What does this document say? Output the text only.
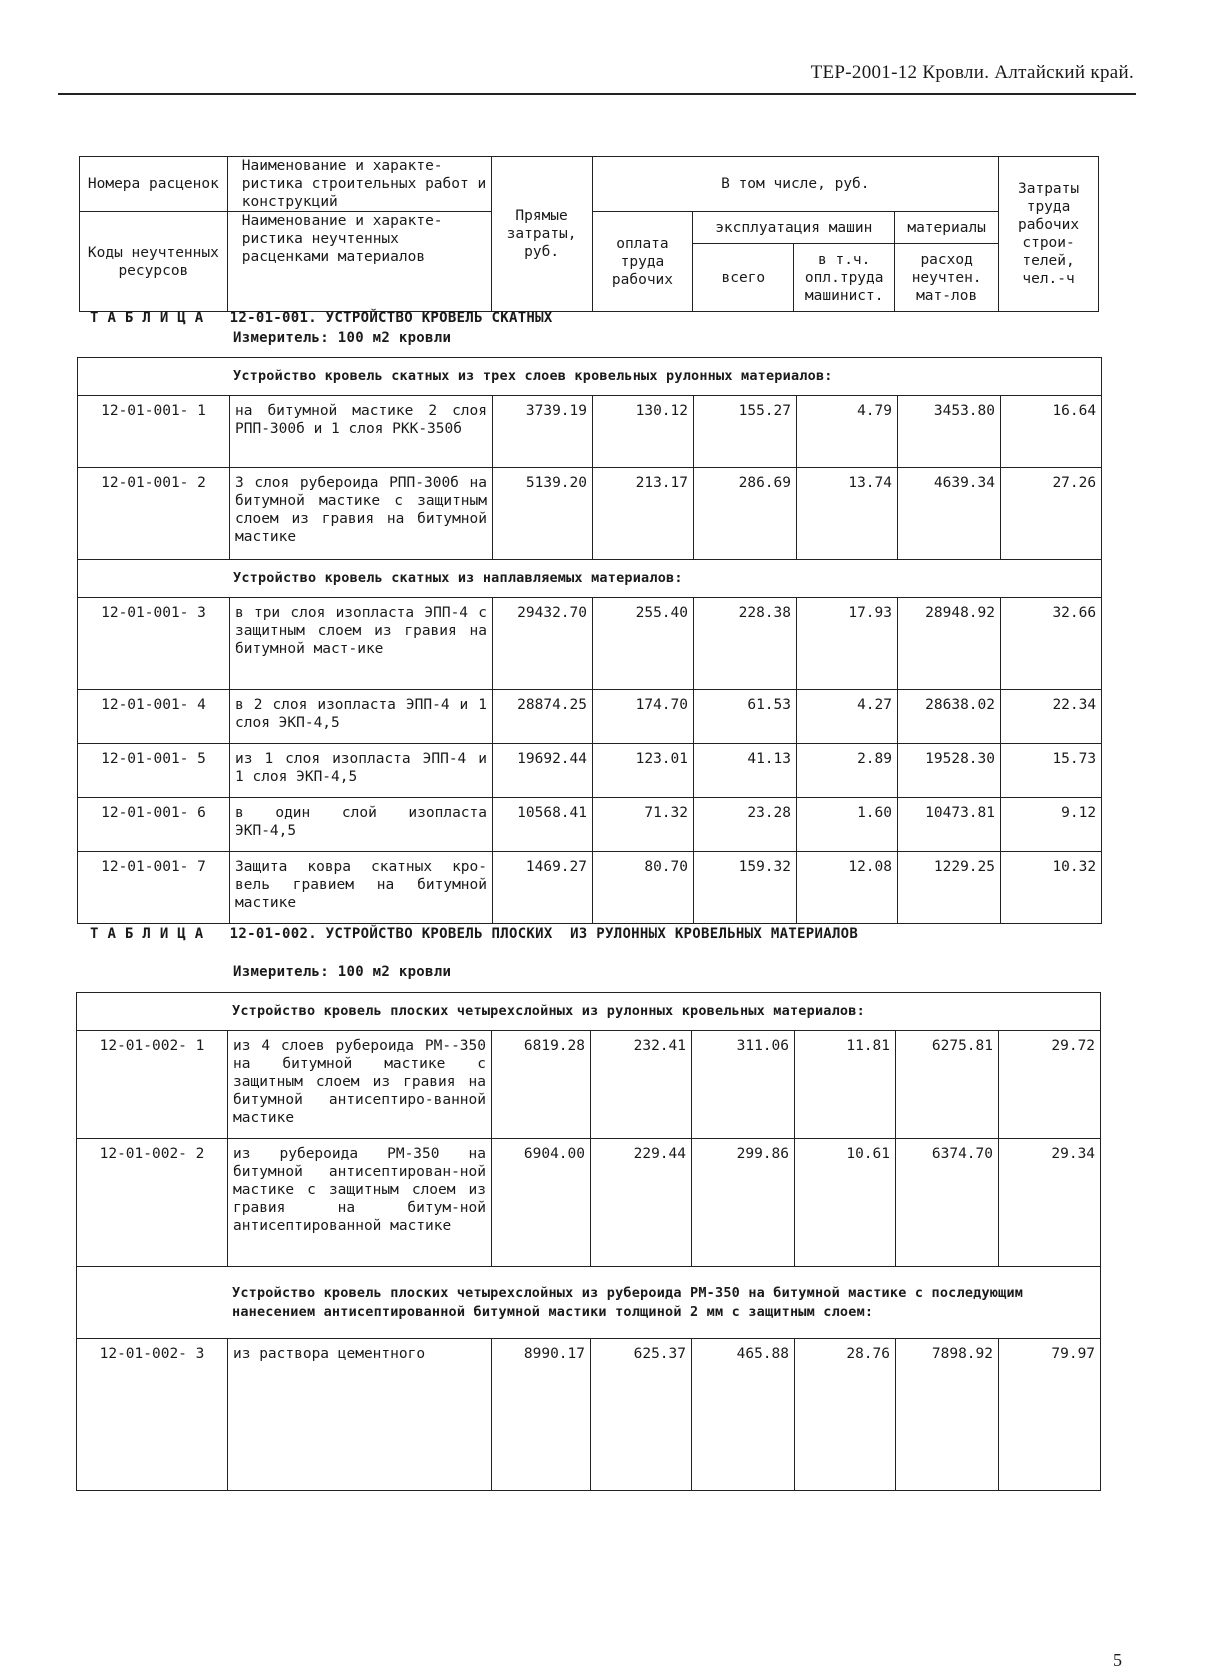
ТЕР-2001-12 Кровли. Алтайский край.
Номера расценок	Наименование и характе-ристика строительных работ и конструкций	Прямые затраты, руб.	В том числе, руб.				Затраты труда рабочих строи-телей, чел.-ч
Коды неучтенных ресурсов	Наименование и характе-ристика неучтенных расценками материалов		оплата труда рабочих	эксплуатация машин		материалы	
				всего	в т.ч. опл.труда машинист.	расход неучтен. мат-лов	
Т А Б Л И Ц А   12-01-001. УСТРОЙСТВО КРОВЕЛЬ СКАТНЫХ
Измеритель: 100 м2 кровли
Устройство кровель скатных из трех слоев кровельных рулонных материалов:							
12-01-001- 1	на битумной мастике 2 слоя РПП-300б и 1 слоя РКК-350б	3739.19	130.12	155.27	4.79	3453.80	16.64
12-01-001- 2	3 слоя рубероида РПП-300б на битумной мастике с защитным слоем из гравия на битумной мастике	5139.20	213.17	286.69	13.74	4639.34	27.26
Устройство кровель скатных из наплавляемых материалов:							
12-01-001- 3	в три слоя изопласта ЭПП-4 с защитным слоем из гравия на битумной маст-ике	29432.70	255.40	228.38	17.93	28948.92	32.66
12-01-001- 4	в 2 слоя изопласта ЭПП-4 и 1 слоя ЭКП-4,5	28874.25	174.70	61.53	4.27	28638.02	22.34
12-01-001- 5	из 1 слоя изопласта ЭПП-4 и 1 слоя ЭКП-4,5	19692.44	123.01	41.13	2.89	19528.30	15.73
12-01-001- 6	в один слой изопласта ЭКП-4,5	10568.41	71.32	23.28	1.60	10473.81	9.12
12-01-001- 7	Защита ковра скатных кро-вель гравием на битумной мастике	1469.27	80.70	159.32	12.08	1229.25	10.32
Т А Б Л И Ц А   12-01-002. УСТРОЙСТВО КРОВЕЛЬ ПЛОСКИХ  ИЗ РУЛОННЫХ КРОВЕЛЬНЫХ МАТЕРИАЛОВ
Измеритель: 100 м2 кровли
Устройство кровель плоских четырехслойных из рулонных кровельных материалов:							
12-01-002- 1	из 4 слоев рубероида РМ--350 на битумной мастике с защитным слоем из гравия на битумной антисептиро-ванной мастике	6819.28	232.41	311.06	11.81	6275.81	29.72
12-01-002- 2	из рубероида РМ-350 на битумной антисептирован-ной мастике с защитным слоем из гравия на битум-ной антисептированной мастике	6904.00	229.44	299.86	10.61	6374.70	29.34
Устройство кровель плоских четырехслойных из рубероида РМ-350 на битумной мастике с последующим нанесением антисептированной битумной мастики толщиной 2 мм с защитным слоем:							
12-01-002- 3	из раствора цементного	8990.17	625.37	465.88	28.76	7898.92	79.97
5
